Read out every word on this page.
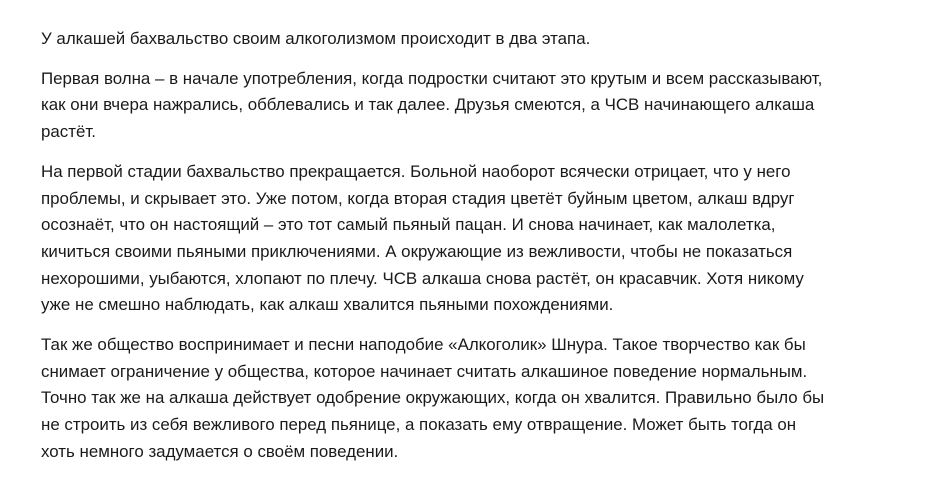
У алкашей бахвальство своим алкоголизмом происходит в два этапа.

Первая волна – в начале употребления, когда подростки считают это крутым и всем рассказывают,
как они вчера нажрались, обблевались и так далее. Друзья смеются, а ЧСВ начинающего алкаша
растёт.

На первой стадии бахвальство прекращается. Больной наоборот всячески отрицает, что у него
проблемы, и скрывает это. Уже потом, когда вторая стадия цветёт буйным цветом, алкаш вдруг
осознаёт, что он настоящий – это тот самый пьяный пацан. И снова начинает, как малолетка,
кичиться своими пьяными приключениями. А окружающие из вежливости, чтобы не показаться
нехорошими, уыбаются, хлопают по плечу. ЧСВ алкаша снова растёт, он красавчик. Хотя никому
уже не смешно наблюдать, как алкаш хвалится пьяными похождениями.

Так же общество воспринимает и песни наподобие «Алкоголик» Шнура. Такое творчество как бы
снимает ограничение у общества, которое начинает считать алкашиное поведение нормальным.
Точно так же на алкаша действует одобрение окружающих, когда он хвалится. Правильно было бы
не строить из себя вежливого перед пьянице, а показать ему отвращение. Может быть тогда он
хоть немного задумается о своём поведении.
